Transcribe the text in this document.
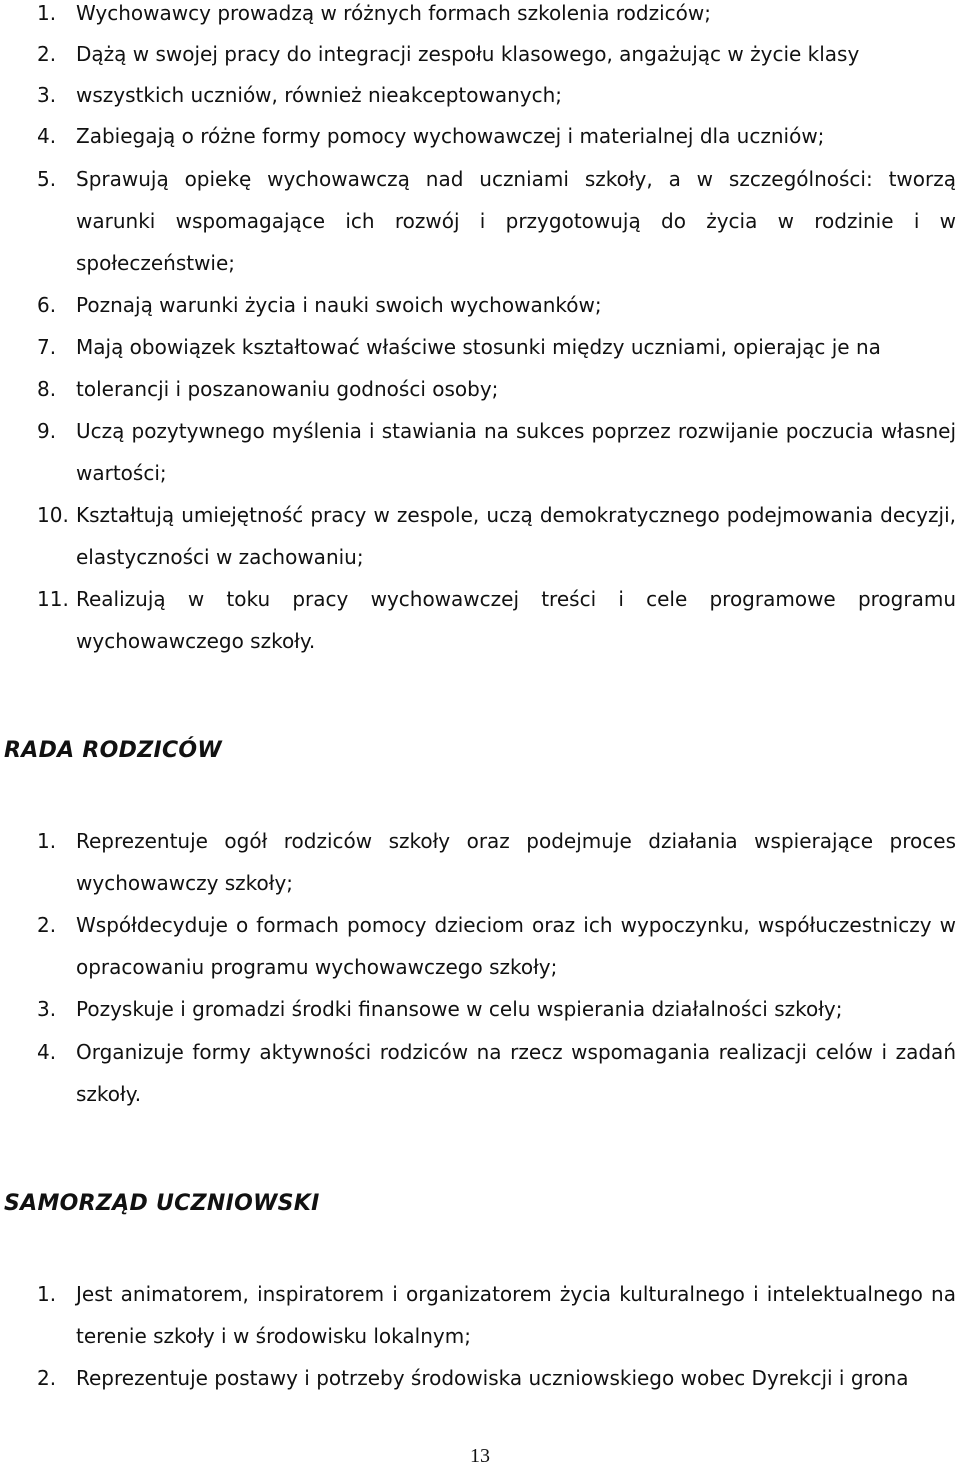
1. Wychowawcy prowadzą w różnych formach szkolenia rodziców;
2. Dążą w swojej pracy do integracji zespołu klasowego, angażując w życie klasy
3. wszystkich uczniów, również nieakceptowanych;
4. Zabiegają o różne formy pomocy wychowawczej i materialnej dla uczniów;
5. Sprawują opiekę wychowawczą nad uczniami szkoły, a w szczególności: tworzą warunki wspomagające ich rozwój i przygotowują do życia w rodzinie i w społeczeństwie;
6. Poznają warunki życia i nauki swoich wychowanków;
7. Mają obowiązek kształtować właściwe stosunki między uczniami, opierając je na
8. tolerancji i poszanowaniu godności osoby;
9. Uczą pozytywnego myślenia i stawiania na sukces poprzez rozwijanie poczucia własnej wartości;
10. Kształtują umiejętność pracy w zespole, uczą demokratycznego podejmowania decyzji, elastyczności w zachowaniu;
11. Realizują w toku pracy wychowawczej treści i cele programowe programu wychowawczego szkoły.
RADA RODZICÓW
1. Reprezentuje ogół rodziców szkoły oraz podejmuje działania wspierające proces wychowawczy szkoły;
2. Współdecyduje o formach pomocy dzieciom oraz ich wypoczynku, współuczestniczy w opracowaniu programu wychowawczego szkoły;
3. Pozyskuje i gromadzi środki finansowe w celu wspierania działalności szkoły;
4. Organizuje formy aktywności rodziców na rzecz wspomagania realizacji celów i zadań szkoły.
SAMORZĄD UCZNIOWSKI
1. Jest animatorem, inspiratorem i organizatorem życia kulturalnego i intelektualnego na terenie szkoły i w środowisku lokalnym;
2. Reprezentuje postawy i potrzeby środowiska uczniowskiego wobec Dyrekcji i grona
13
